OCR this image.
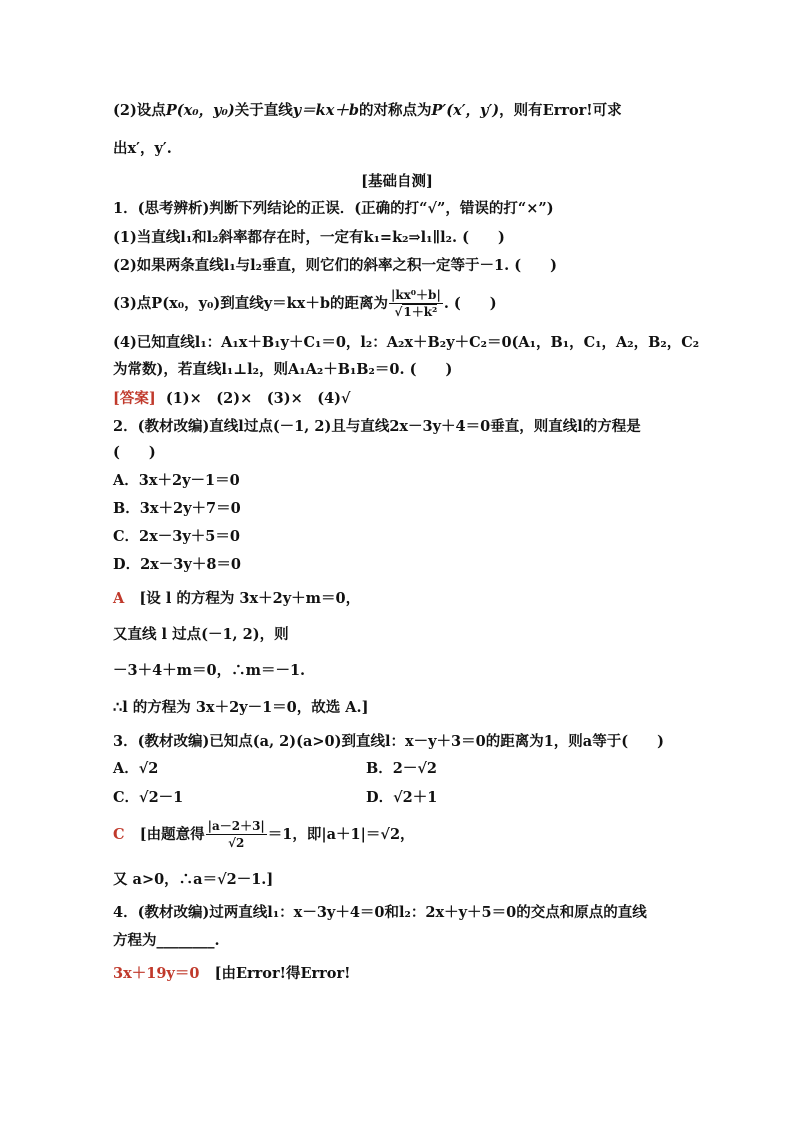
(2)设点P(x₀，y₀)关于直线y＝kx＋b的对称点为P′(x′，y′)，则有Error!可求
出x′，y′.
[基础自测]
1．(思考辨析)判断下列结论的正误．(正确的打“√”，错误的打“×”)
(1)当直线l₁和l₂斜率都存在时，一定有k₁=k₂⇒l₁∥l₂. (　　)
(2)如果两条直线l₁与l₂垂直，则它们的斜率之积一定等于－1. (　　)
(3)点P(x₀，y₀)到直线y＝kx＋b的距离为 $\frac{\text{|kx⁰＋b|}}{\text{√1＋k²}}$ . (　　)
(4)已知直线l₁：A₁x＋B₁y＋C₁＝0，l₂：A₂x＋B₂y＋C₂＝0(A₁，B₁，C₁，A₂，B₂，C₂
为常数)，若直线l₁⊥l₂，则A₁A₂＋B₁B₂＝0. (　　)
[答案] (1)×　(2)×　(3)×　(4)√
2．(教材改编)直线l过点(－1, 2)且与直线2x－3y＋4＝0垂直，则直线l的方程是
(　　)
A．3x＋2y－1＝0
B．3x＋2y＋7＝0
C．2x－3y＋5＝0
D．2x－3y＋8＝0
A [设 l 的方程为 3x＋2y＋m＝0，
又直线 l 过点(－1, 2)，则
－3＋4＋m＝0，∴m＝－1.
∴l 的方程为 3x＋2y－1＝0，故选 A.]
3．(教材改编)已知点(a, 2)(a>0)到直线l：x－y＋3＝0的距离为1，则a等于(　　)
A．√2	B．2－√2
C．√2－1	D．√2＋1
C [由题意得 $\frac{|a-2+3|}{√2} =1$，即|a＋1|＝√2，
又 a>0，∴a＝√2－1.]
4．(教材改编)过两直线l₁：x－3y＋4＝0和l₂：2x＋y＋5＝0的交点和原点的直线
方程为________.
3x＋19y＝0 [由Error!得Error!
